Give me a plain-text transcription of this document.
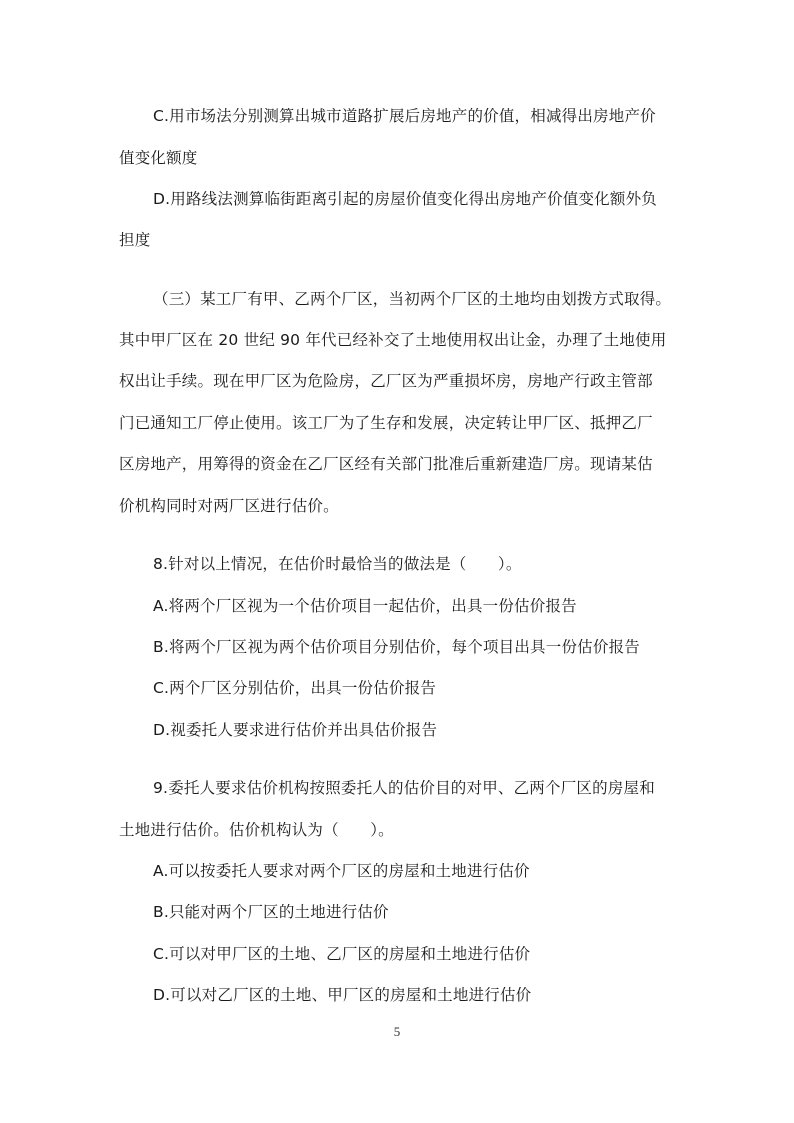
C.用市场法分别测算出城市道路扩展后房地产的价值，相减得出房地产价
值变化额度
D.用路线法测算临街距离引起的房屋价值变化得出房地产价值变化额外负
担度
（三）某工厂有甲、乙两个厂区，当初两个厂区的土地均由划拨方式取得。
其中甲厂区在 20 世纪 90 年代已经补交了土地使用权出让金，办理了土地使用
权出让手续。现在甲厂区为危险房，乙厂区为严重损坏房，房地产行政主管部
门已通知工厂停止使用。该工厂为了生存和发展，决定转让甲厂区、抵押乙厂
区房地产，用筹得的资金在乙厂区经有关部门批准后重新建造厂房。现请某估
价机构同时对两厂区进行估价。
8.针对以上情况，在估价时最恰当的做法是（　　）。
A.将两个厂区视为一个估价项目一起估价，出具一份估价报告
B.将两个厂区视为两个估价项目分别估价，每个项目出具一份估价报告
C.两个厂区分别估价，出具一份估价报告
D.视委托人要求进行估价并出具估价报告
9.委托人要求估价机构按照委托人的估价目的对甲、乙两个厂区的房屋和
土地进行估价。估价机构认为（　　）。
A.可以按委托人要求对两个厂区的房屋和土地进行估价
B.只能对两个厂区的土地进行估价
C.可以对甲厂区的土地、乙厂区的房屋和土地进行估价
D.可以对乙厂区的土地、甲厂区的房屋和土地进行估价
5
